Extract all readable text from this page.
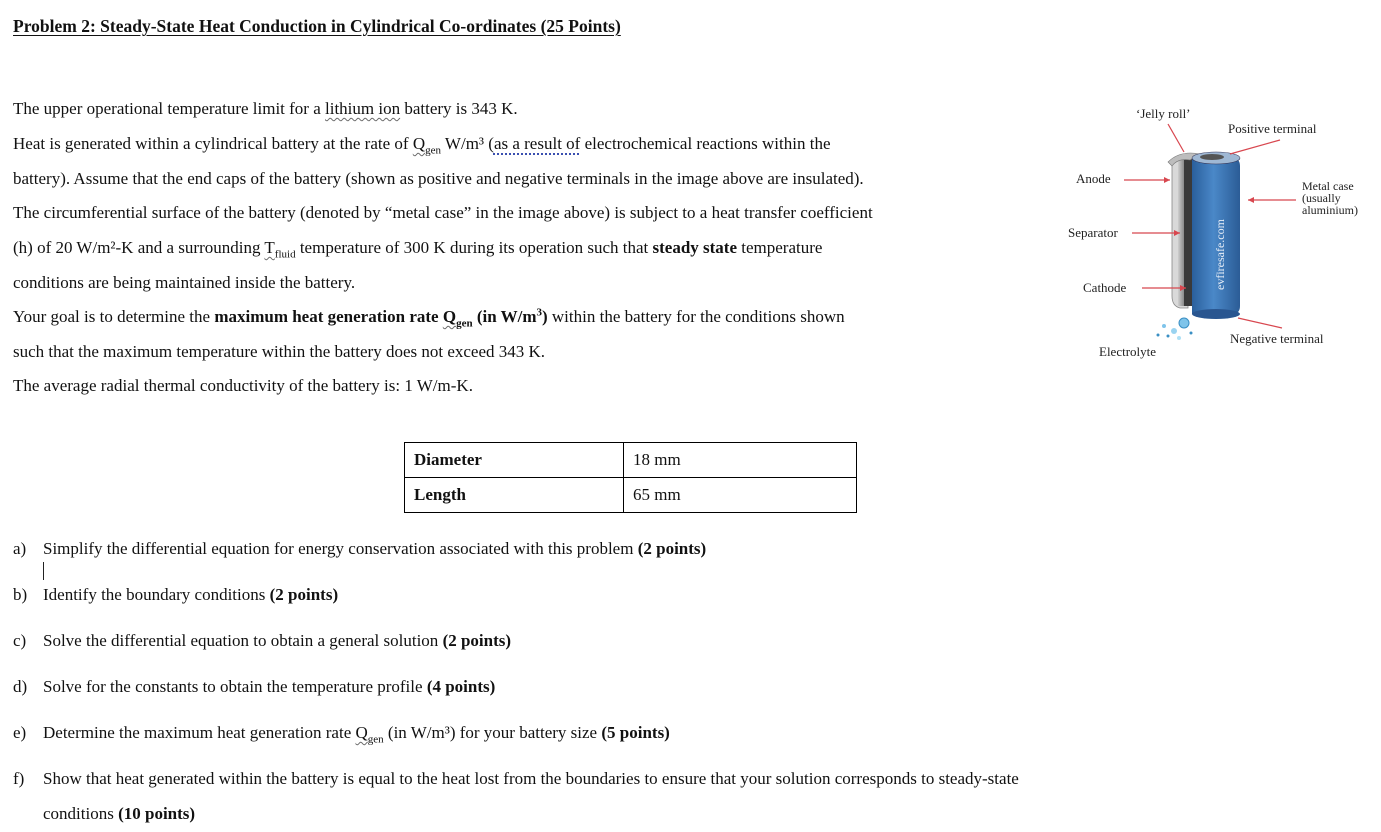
Problem 2: Steady-State Heat Conduction in Cylindrical Co-ordinates (25 Points)
The upper operational temperature limit for a lithium ion battery is 343 K.
Heat is generated within a cylindrical battery at the rate of $Q_{gen}$ W/m³ (as a result of electrochemical reactions within the
battery). Assume that the end caps of the battery (shown as positive and negative terminals in the image above are insulated).
The circumferential surface of the battery (denoted by “metal case” in the image above) is subject to a heat transfer coefficient
(h) of 20 W/m²-K and a surrounding $T_{fluid}$ temperature of 300 K during its operation such that steady state temperature
conditions are being maintained inside the battery.
Your goal is to determine the maximum heat generation rate $Q_{gen}$ (in $W/m^3$) within the battery for the conditions shown
such that the maximum temperature within the battery does not exceed 343 K.
The average radial thermal conductivity of the battery is: 1 W/m-K.
Diameter	18 mm
Length	65 mm
a) Simplify the differential equation for energy conservation associated with this problem (2 points)
b) Identify the boundary conditions (2 points)
c) Solve the differential equation to obtain a general solution (2 points)
d) Solve for the constants to obtain the temperature profile (4 points)
e) Determine the maximum heat generation rate $Q_{gen}$ (in W/m³) for your battery size (5 points)
f) Show that heat generated within the battery is equal to the heat lost from the boundaries to ensure that your solution corresponds to steady-state
conditions (10 points)
evfiresafe.com
‘Jelly roll’
Positive terminal
Anode	Metal case
(usually
aluminium)
Separator
Cathode
Negative terminal
Electrolyte
